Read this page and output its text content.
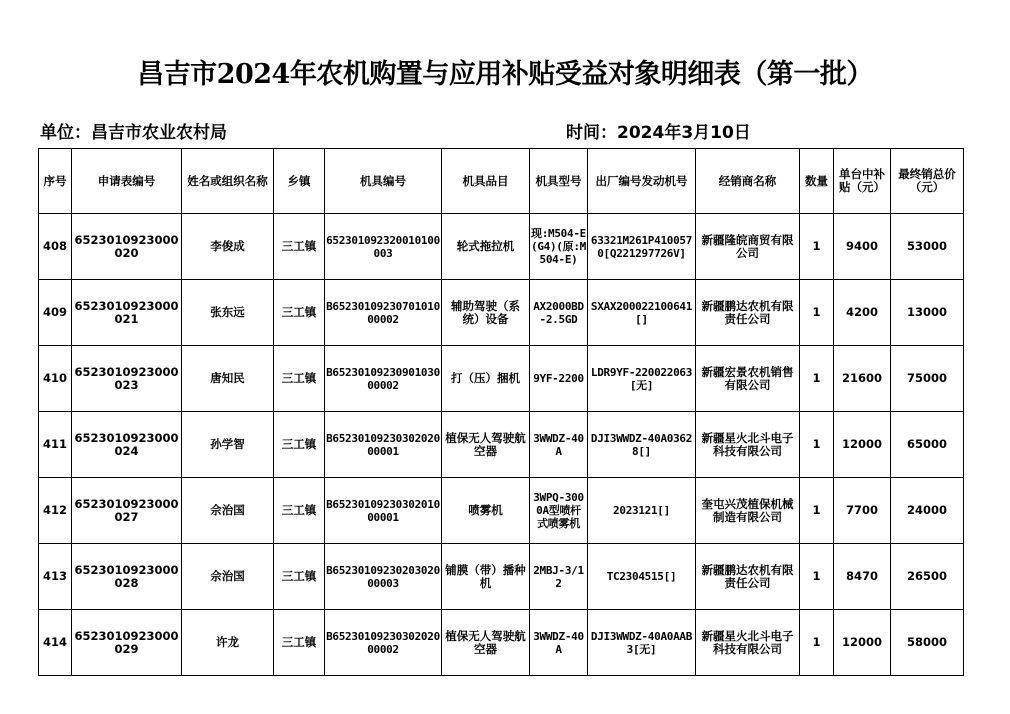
昌吉市2024年农机购置与应用补贴受益对象明细表（第一批）
单位：昌吉市农业农村局	时间：2024年3月10日
序号	申请表编号	姓名或组织名称	乡镇	机具编号	机具品目	机具型号	出厂编号发动机号	经销商名称	数量	单台中补贴（元）	最终销总价（元）
408	6523010923000020	李俊成	三工镇	652301092320010100003	轮式拖拉机	现:M504-E(G4)(原:M504-E)	63321M261P4100570[Q221297726V]	新疆隆皖商贸有限公司	1	9400	53000
409	6523010923000021	张东远	三工镇	B6523010923070101000002	辅助驾驶（系统）设备	AX2000BD-2.5GD	SXAX200022100641[]	新疆鹏达农机有限责任公司	1	4200	13000
410	6523010923000023	唐知民	三工镇	B6523010923090103000002	打（压）捆机	9YF-2200	LDR9YF-220022063[无]	新疆宏景农机销售有限公司	1	21600	75000
411	6523010923000024	孙学智	三工镇	B6523010923030202000001	植保无人驾驶航空器	3WWDZ-40A	DJI3WWDZ-40A03628[]	新疆星火北斗电子科技有限公司	1	12000	65000
412	6523010923000027	佘治国	三工镇	B6523010923030201000001	喷雾机	3WPQ-3000A型喷杆式喷雾机	2023121[]	奎屯兴茂植保机械制造有限公司	1	7700	24000
413	6523010923000028	佘治国	三工镇	B6523010923020302000003	铺膜（带）播种机	2MBJ-3/12	TC2304515[]	新疆鹏达农机有限责任公司	1	8470	26500
414	6523010923000029	许龙	三工镇	B6523010923030202000002	植保无人驾驶航空器	3WWDZ-40A	DJI3WWDZ-40A0AAB3[无]	新疆星火北斗电子科技有限公司	1	12000	58000
